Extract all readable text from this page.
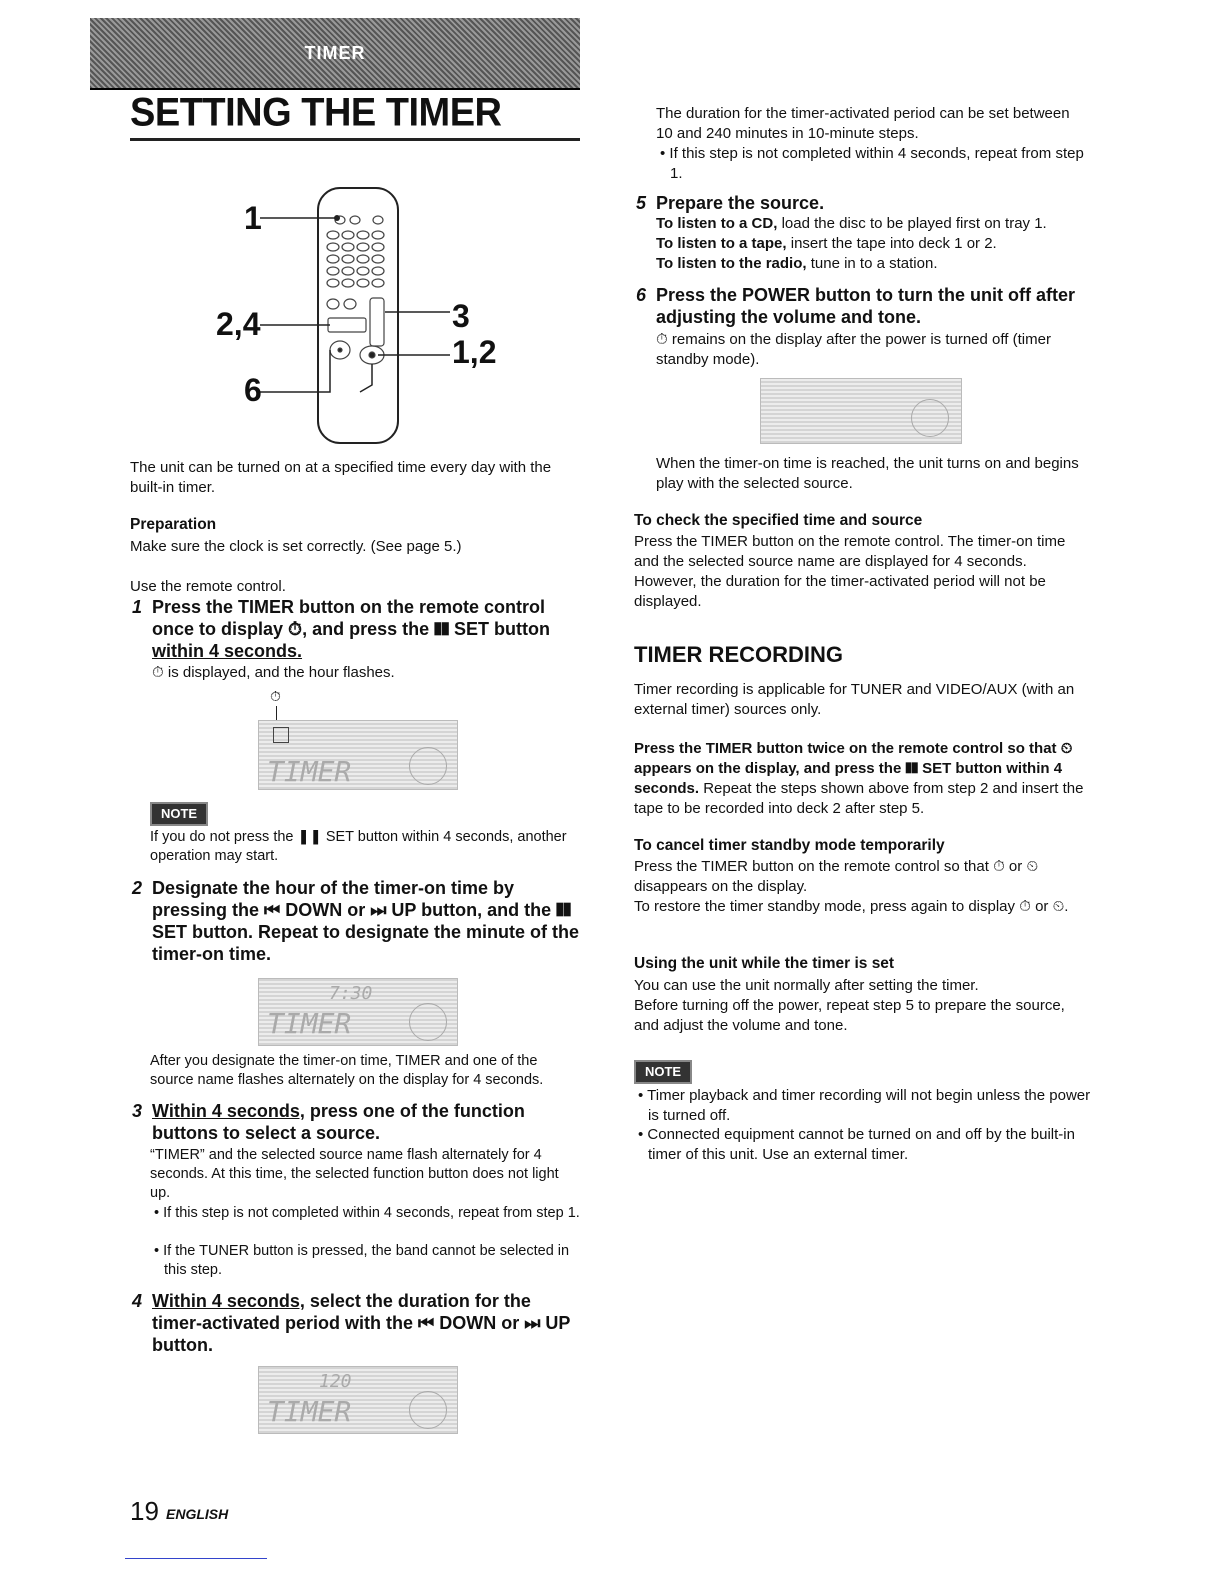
TIMER
SETTING THE TIMER
1
2,4
6
3
1,2
The unit can be turned on at a specified time every day with the built-in timer.
Preparation
Make sure the clock is set correctly. (See page 5.)
Use the remote control.
1 Press the TIMER button on the remote control once to display ⏱, and press the ❚❚ SET button within 4 seconds.
⏱ is displayed, and the hour flashes.
⏱
TIMER
NOTE
If you do not press the ❚❚ SET button within 4 seconds, another operation may start.
2 Designate the hour of the timer-on time by pressing the ⏮ DOWN or ⏭ UP button, and the ❚❚ SET button. Repeat to designate the minute of the timer-on time.
7:30
TIMER
After you designate the timer-on time, TIMER and one of the source name flashes alternately on the display for 4 seconds.
3 Within 4 seconds, press one of the function buttons to select a source.
“TIMER” and the selected source name flash alternately for 4 seconds. At this time, the selected function button does not light up.
• If this step is not completed within 4 seconds, repeat from step 1.
• If the TUNER button is pressed, the band cannot be selected in this step.
4 Within 4 seconds, select the duration for the timer-activated period with the ⏮ DOWN or ⏭ UP button.
120
TIMER
19 ENGLISH
The duration for the timer-activated period can be set between 10 and 240 minutes in 10-minute steps.
• If this step is not completed within 4 seconds, repeat from step 1.
5 Prepare the source.
To listen to a CD, load the disc to be played first on tray 1.
To listen to a tape, insert the tape into deck 1 or 2.
To listen to the radio, tune in to a station.
6 Press the POWER button to turn the unit off after adjusting the volume and tone.
⏱ remains on the display after the power is turned off (timer standby mode).
When the timer-on time is reached, the unit turns on and begins play with the selected source.
To check the specified time and source
Press the TIMER button on the remote control. The timer-on time and the selected source name are displayed for 4 seconds. However, the duration for the timer-activated period will not be displayed.
TIMER RECORDING
Timer recording is applicable for TUNER and VIDEO/AUX (with an external timer) sources only.
Press the TIMER button twice on the remote control so that ⏲ appears on the display, and press the ❚❚ SET button within 4 seconds. Repeat the steps shown above from step 2 and insert the tape to be recorded into deck 2 after step 5.
To cancel timer standby mode temporarily
Press the TIMER button on the remote control so that ⏱ or ⏲ disappears on the display.
To restore the timer standby mode, press again to display ⏱ or ⏲.
Using the unit while the timer is set
You can use the unit normally after setting the timer.
Before turning off the power, repeat step 5 to prepare the source, and adjust the volume and tone.
NOTE
• Timer playback and timer recording will not begin unless the power is turned off.
• Connected equipment cannot be turned on and off by the built-in timer of this unit. Use an external timer.
